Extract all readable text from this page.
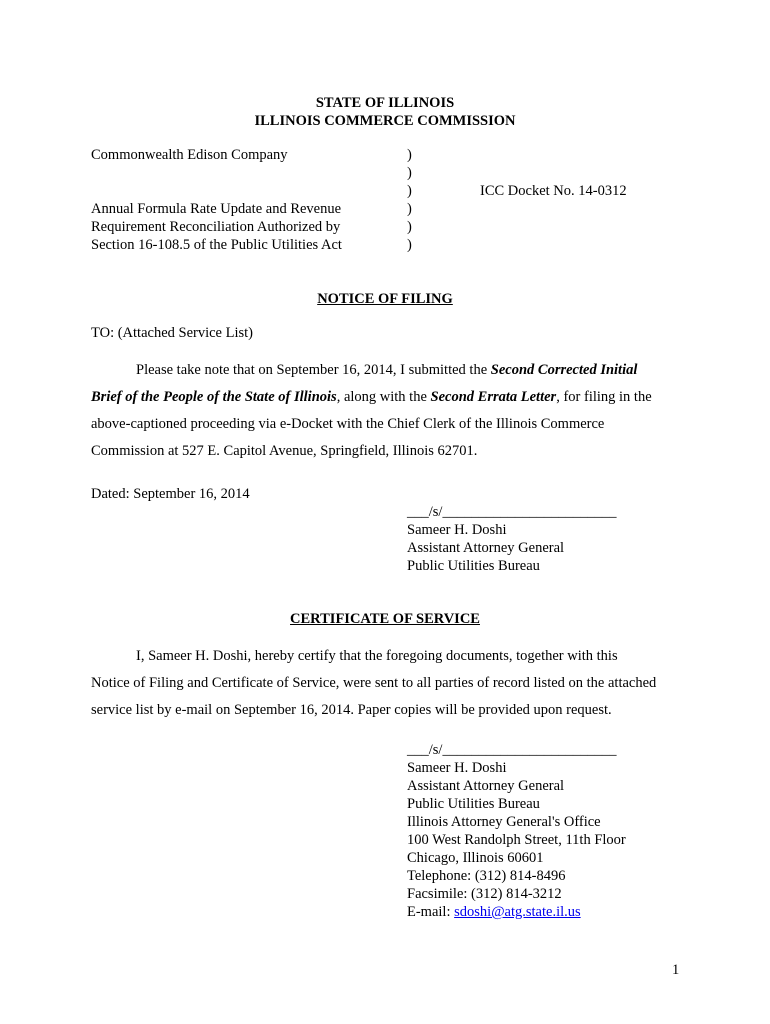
STATE OF ILLINOIS
ILLINOIS COMMERCE COMMISSION
Commonwealth Edison Company
Annual Formula Rate Update and Revenue
Requirement Reconciliation Authorized by
Section 16-108.5 of the Public Utilities Act
)
)
)
)
)
)
ICC Docket No. 14-0312
NOTICE OF FILING
TO: (Attached Service List)
Please take note that on September 16, 2014, I submitted the Second Corrected Initial
Brief of the People of the State of Illinois, along with the Second Errata Letter, for filing in the
above-captioned proceeding via e-Docket with the Chief Clerk of the Illinois Commerce
Commission at 527 E. Capitol Avenue, Springfield, Illinois 62701.
Dated: September 16, 2014
___/s/________________________
Sameer H. Doshi
Assistant Attorney General
Public Utilities Bureau
CERTIFICATE OF SERVICE
I, Sameer H. Doshi, hereby certify that the foregoing documents, together with this
Notice of Filing and Certificate of Service, were sent to all parties of record listed on the attached
service list by e-mail on September 16, 2014. Paper copies will be provided upon request.
___/s/________________________
Sameer H. Doshi
Assistant Attorney General
Public Utilities Bureau
Illinois Attorney General's Office
100 West Randolph Street, 11th Floor
Chicago, Illinois 60601
Telephone: (312) 814-8496
Facsimile: (312) 814-3212
E-mail: sdoshi@atg.state.il.us
1
